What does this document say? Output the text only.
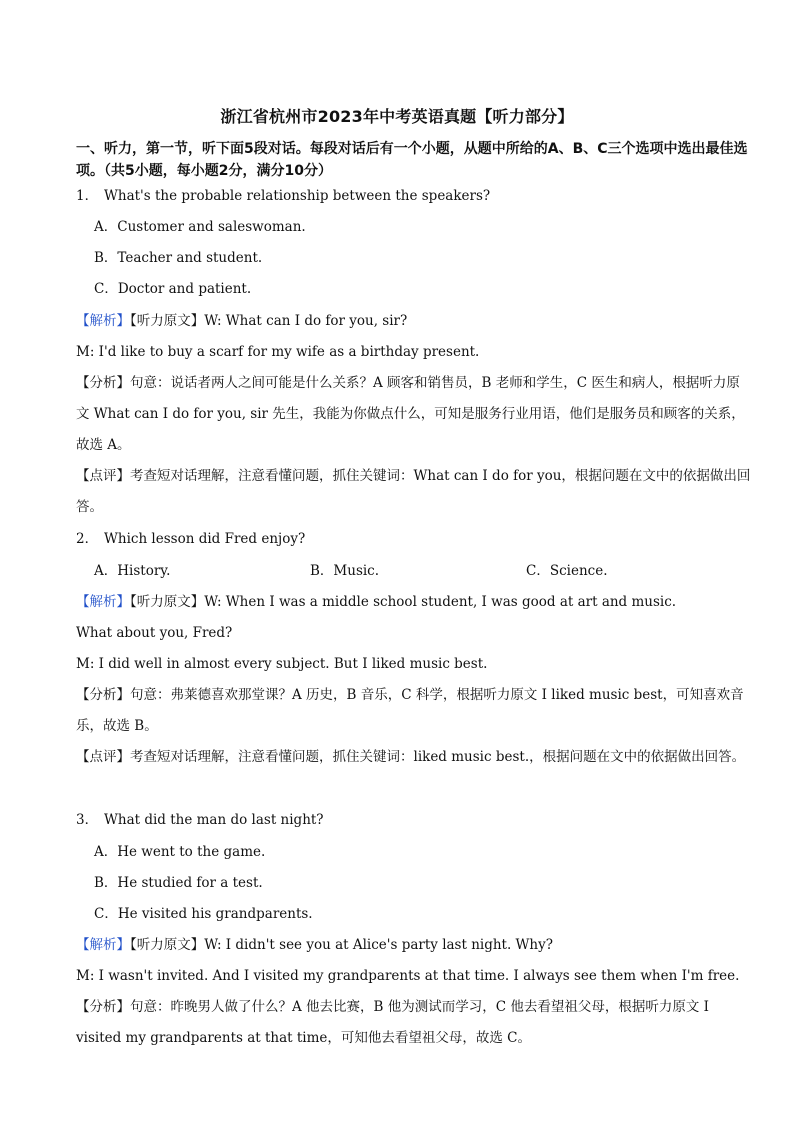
浙江省杭州市2023年中考英语真题【听力部分】
一、听力，第一节，听下面5段对话。每段对话后有一个小题，从题中所给的A、B、C三个选项中选出最佳选项。（共5小题，每小题2分，满分10分）
1． What's the probable relationship between the speakers?
A．Customer and saleswoman.
B．Teacher and student.
C．Doctor and patient.
【解析】【听力原文】W: What can I do for you, sir?
M: I'd like to buy a scarf for my wife as a birthday present.
【分析】句意：说话者两人之间可能是什么关系？A 顾客和销售员，B 老师和学生，C 医生和病人，根据听力原文 What can I do for you, sir 先生，我能为你做点什么，可知是服务行业用语，他们是服务员和顾客的关系，故选 A。
【点评】考查短对话理解，注意看懂问题，抓住关键词：What can I do for you，根据问题在文中的依据做出回答。
2． Which lesson did Fred enjoy?
A．History.	B．Music.	C．Science.
【解析】【听力原文】W: When I was a middle school student, I was good at art and music.
What about you, Fred?
M: I did well in almost every subject. But I liked music best.
【分析】句意：弗莱德喜欢那堂课？A 历史，B 音乐，C 科学，根据听力原文 I liked music best，可知喜欢音乐，故选 B。
【点评】考查短对话理解，注意看懂问题，抓住关键词：liked music best.，根据问题在文中的依据做出回答。
3． What did the man do last night?
A．He went to the game.
B．He studied for a test.
C．He visited his grandparents.
【解析】【听力原文】W: I didn't see you at Alice's party last night. Why?
M: I wasn't invited. And I visited my grandparents at that time. I always see them when I'm free.
【分析】句意：昨晚男人做了什么？A 他去比赛，B 他为测试而学习，C 他去看望祖父母，根据听力原文 I visited my grandparents at that time，可知他去看望祖父母，故选 C。
